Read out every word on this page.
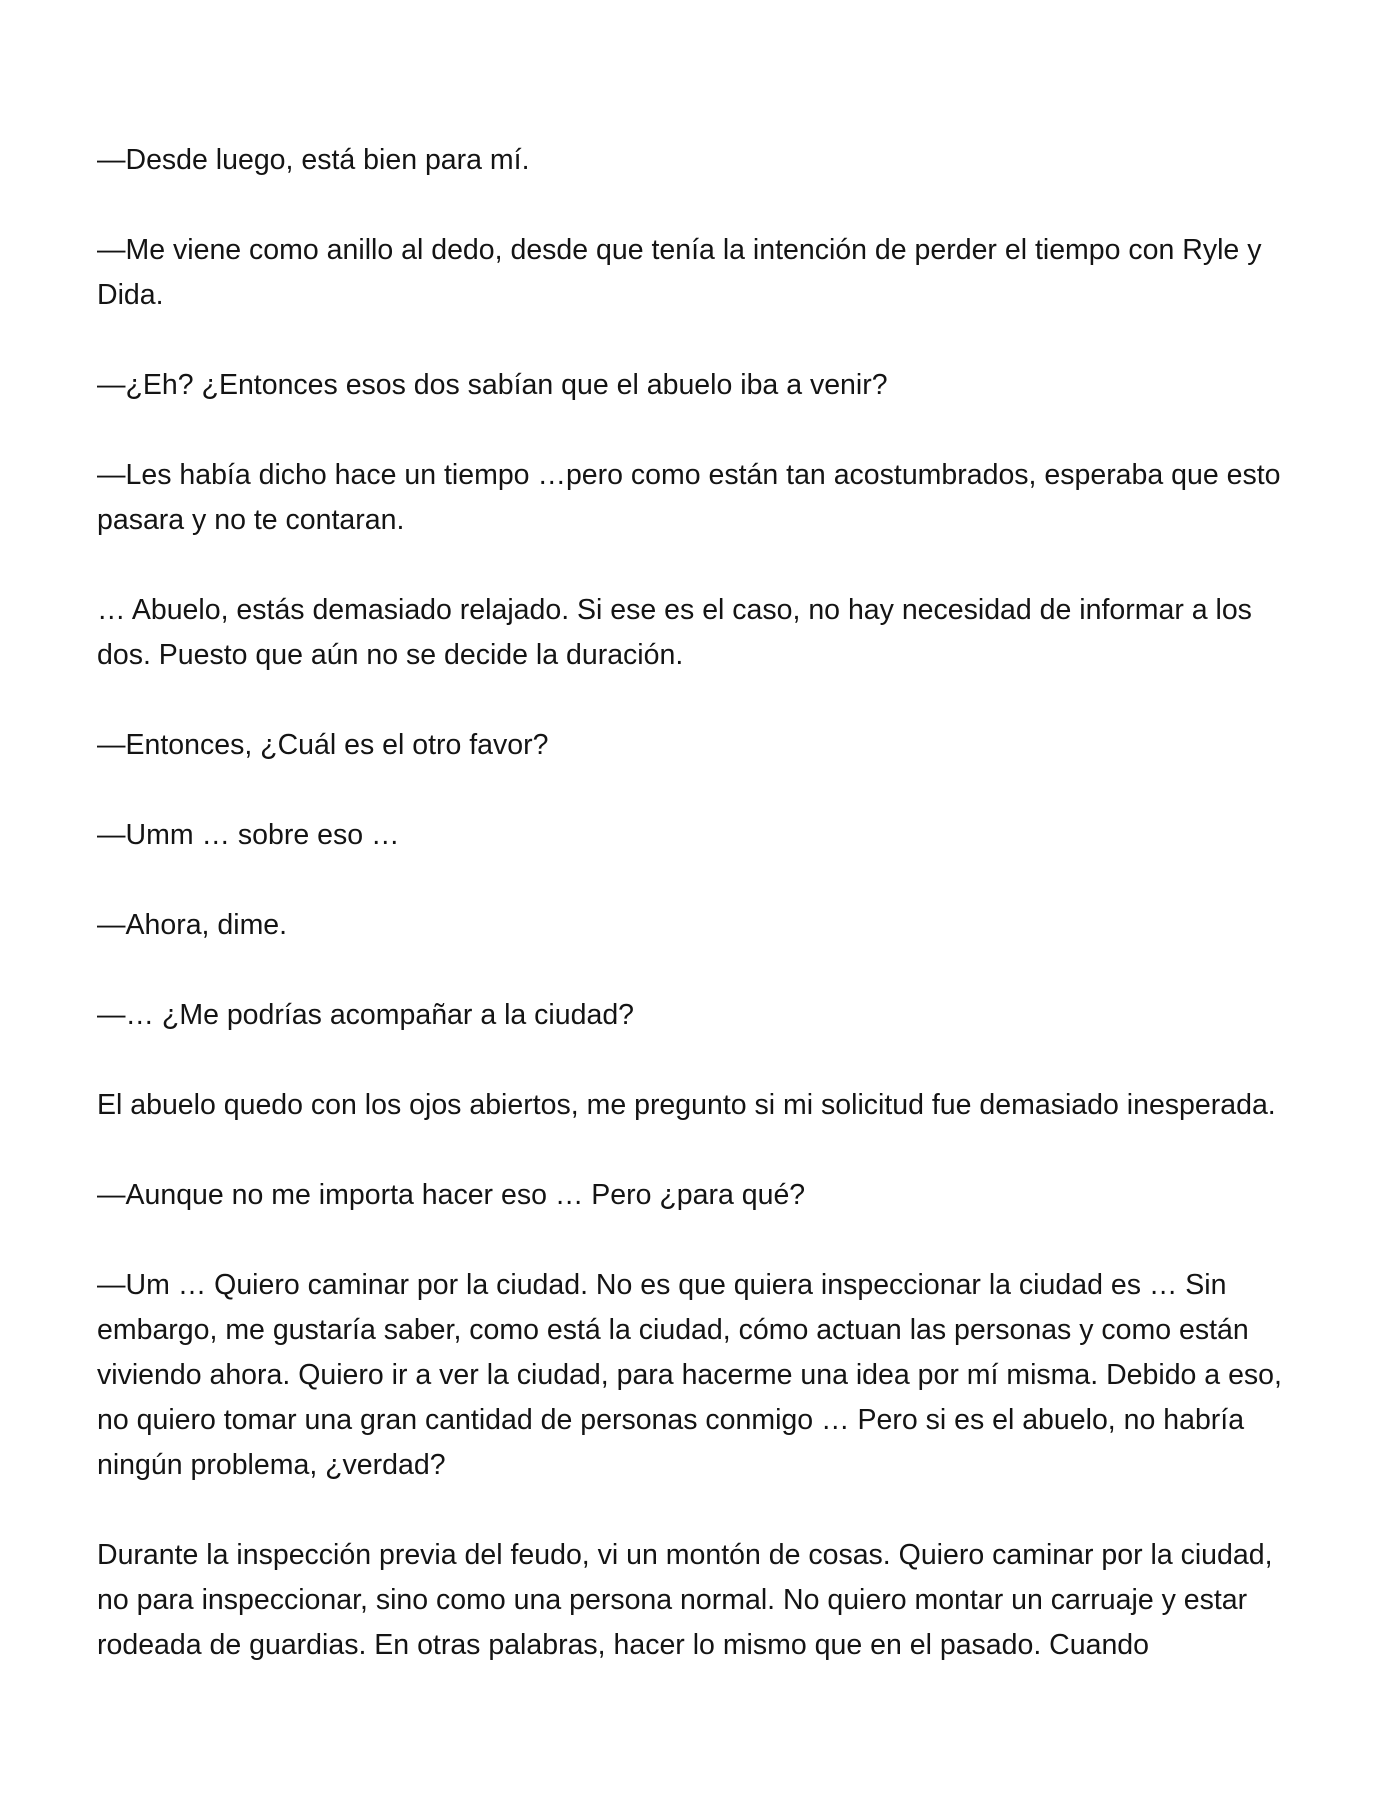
—Desde luego, está bien para mí.

—Me viene como anillo al dedo, desde que tenía la intención de perder el tiempo con Ryle y Dida.

—¿Eh? ¿Entonces esos dos sabían que el abuelo iba a venir?

—Les había dicho hace un tiempo …pero como están tan acostumbrados, esperaba que esto pasara y no te contaran.

… Abuelo, estás demasiado relajado. Si ese es el caso, no hay necesidad de informar a los dos. Puesto que aún no se decide la duración.

—Entonces, ¿Cuál es el otro favor?

—Umm … sobre eso …

—Ahora, dime.

—… ¿Me podrías acompañar a la ciudad?

El abuelo quedo con los ojos abiertos, me pregunto si mi solicitud fue demasiado inesperada.

—Aunque no me importa hacer eso … Pero ¿para qué?

—Um … Quiero caminar por la ciudad. No es que quiera inspeccionar la ciudad es … Sin embargo, me gustaría saber, como está la ciudad, cómo actuan las personas y como están viviendo ahora. Quiero ir a ver la ciudad, para hacerme una idea por mí misma. Debido a eso, no quiero tomar una gran cantidad de personas conmigo … Pero si es el abuelo, no habría ningún problema, ¿verdad?

Durante la inspección previa del feudo, vi un montón de cosas. Quiero caminar por la ciudad, no para inspeccionar, sino como una persona normal. No quiero montar un carruaje y estar rodeada de guardias. En otras palabras, hacer lo mismo que en el pasado. Cuando
